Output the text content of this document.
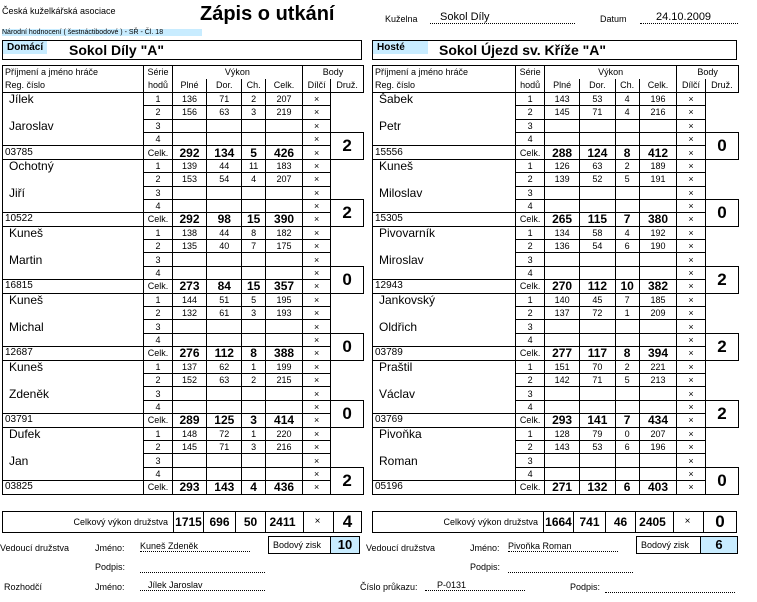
Česká kuželkářská asociace	Zápis o utkání
Národní hodnocení ( šestnáctibodové ) - SŘ - Čl. 18
Kuželna	Sokol Díly	Datum	24.10.2009
Domácí Sokol Díly "A"	Hosté	Sokol Újezd sv. Kříže "A"
Celkový výkon družstva 1715 696	50	2411	×	4	Celkový výkon družstva 1664 741	46 2405	×	0
Vedoucí družstva	Jméno: Kuneš Zdeněk	Bodový zisk	10
Podpis:
Rozhodčí	Jméno:	Jílek Jaroslav
Vedoucí družstva	Jméno: Pivoňka Roman	Bodový zisk	6
Podpis:
Číslo průkazu:	P-0131	Podpis:
Příjmení a jméno hráče	Série	Výkon				Body	
Reg. číslo	hodů	Plné	Dor.	Ch.	Celk.	Dílčí	Druž.
Jílek	1	136	71	2	207	×	
	2	156	63	3	219	×	
Jaroslav	3					×	
	4					×	2
03785	Celk.	292	134	5	426	×	
Ochotný	1	139	44	11	183	×	
	2	153	54	4	207	×	
Jiří	3					×	
	4					×	2
10522	Celk.	292	98	15	390	×	
Kuneš	1	138	44	8	182	×	
	2	135	40	7	175	×	
Martin	3					×	
	4					×	0
16815	Celk.	273	84	15	357	×	
Kuneš	1	144	51	5	195	×	
	2	132	61	3	193	×	
Michal	3					×	
	4					×	0
12687	Celk.	276	112	8	388	×	
Kuneš	1	137	62	1	199	×	
	2	152	63	2	215	×	
Zdeněk	3					×	
	4					×	0
03791	Celk.	289	125	3	414	×	
Dufek	1	148	72	1	220	×	
	2	145	71	3	216	×	
Jan	3					×	
	4					×	2
03825	Celk.	293	143	4	436	×	
Příjmení a jméno hráče	Série	Výkon				Body	
Reg. číslo	hodů	Plné	Dor.	Ch.	Celk.	Dílčí	Druž.
Šabek	1	143	53	4	196	×	
	2	145	71	4	216	×	
Petr	3					×	
	4					×	0
15556	Celk.	288	124	8	412	×	
Kuneš	1	126	63	2	189	×	
	2	139	52	5	191	×	
Miloslav	3					×	
	4					×	0
15305	Celk.	265	115	7	380	×	
Pivovarník	1	134	58	4	192	×	
	2	136	54	6	190	×	
Miroslav	3					×	
	4					×	2
12943	Celk.	270	112	10	382	×	
Jankovský	1	140	45	7	185	×	
	2	137	72	1	209	×	
Oldřich	3					×	
	4					×	2
03789	Celk.	277	117	8	394	×	
Praštil	1	151	70	2	221	×	
	2	142	71	5	213	×	
Václav	3					×	
	4					×	2
03769	Celk.	293	141	7	434	×	
Pivoňka	1	128	79	0	207	×	
	2	143	53	6	196	×	
Roman	3					×	
	4					×	0
05196	Celk.	271	132	6	403	×	
